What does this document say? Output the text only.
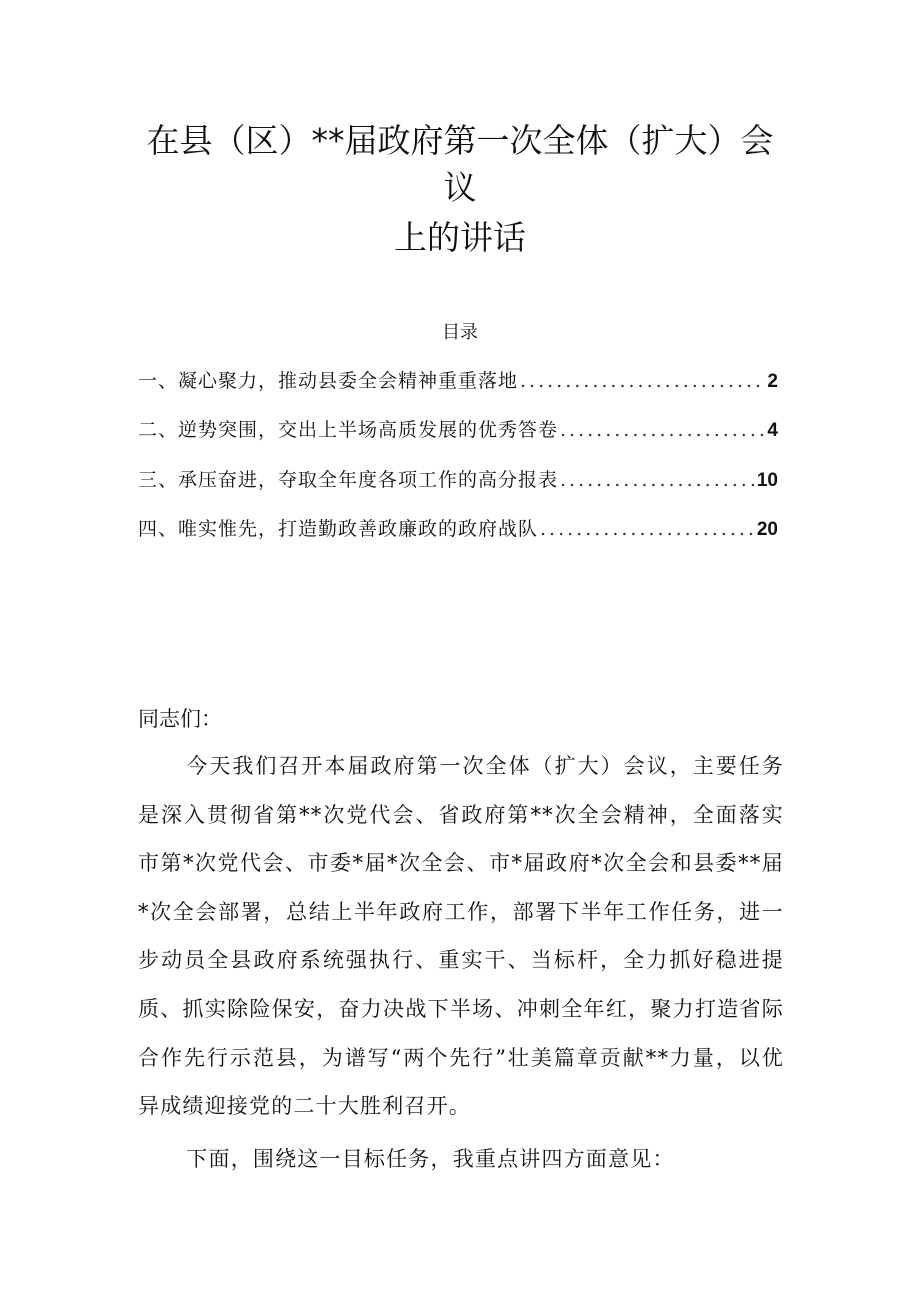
在县（区）**届政府第一次全体（扩大）会
议
上的讲话
目录
一、凝心聚力，推动县委全会精神重重落地 .....	2
二、逆势突围，交出上半场高质发展的优秀答卷 .....	4
三、承压奋进，夺取全年度各项工作的高分报表 .....	10
四、唯实惟先，打造勤政善政廉政的政府战队 .....	20
同志们：
今天我们召开本届政府第一次全体（扩大）会议，主要任务是深入贯彻省第**次党代会、省政府第**次全会精神，全面落实市第*次党代会、市委*届*次全会、市*届政府*次全会和县委**届*次全会部署，总结上半年政府工作，部署下半年工作任务，进一步动员全县政府系统强执行、重实干、当标杆，全力抓好稳进提质、抓实除险保安，奋力决战下半场、冲刺全年红，聚力打造省际合作先行示范县，为谱写“两个先行”壮美篇章贡献**力量，以优异成绩迎接党的二十大胜利召开。
下面，围绕这一目标任务，我重点讲四方面意见：
